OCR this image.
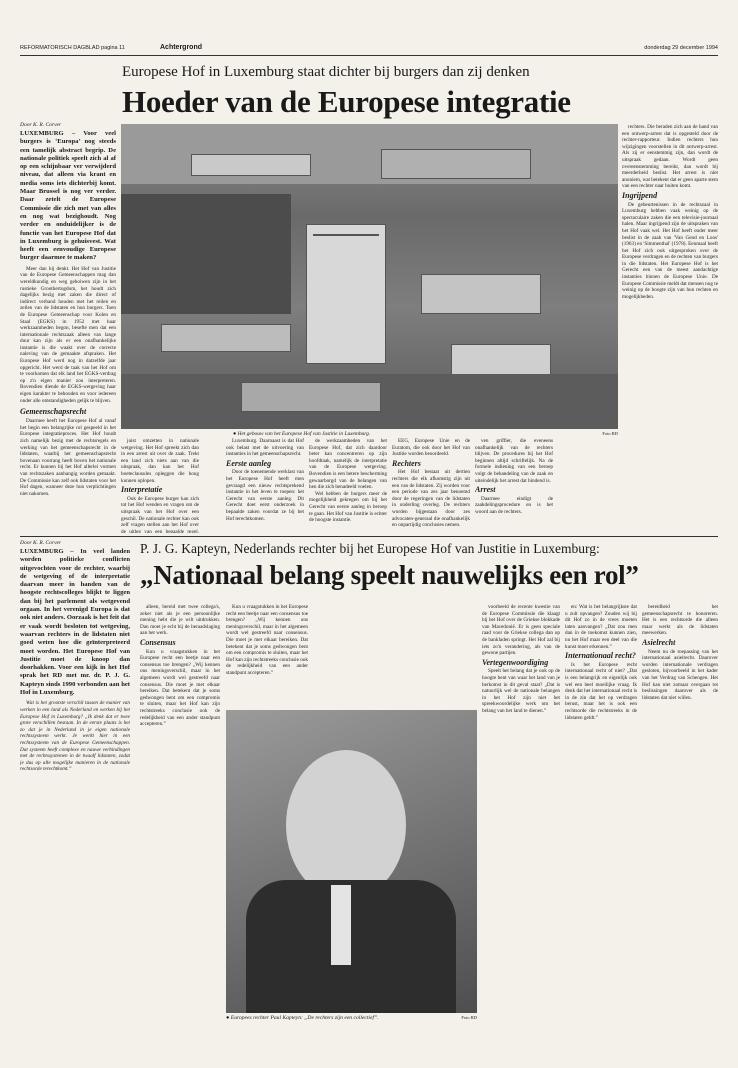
REFORMATORISCH DAGBLAD pagina 11	Achtergrond	donderdag 29 december 1994
Europese Hof in Luxemburg staat dichter bij burgers dan zij denken
Hoeder van de Europese integratie
Door K. R. Corver
LUXEMBURG – Voor veel burgers is ‘Europa’ nog steeds een tamelijk abstract begrip. De nationale politiek speelt zich al af op een schijnbaar ver verwijderd niveau, dat alleen via krant en media soms iets dichterbij komt. Maar Brussel is nog ver verder. Daar zetelt de Europese Commissie die zich met van alles en nog wat bezighoudt. Nog verder en onduidelijker is de functie van het Europese Hof dat in Luxemburg is gehuisvest. Wat heeft een eenvoudige Europese burger daarmee te maken?

Meer dan hij denkt. Het Hof van Justitie van de Europese Gemeenschappen mag dan wereldkundig en weg gehoiwen zijn in het rustieke Groothertogdom, het houdt zich dagelijks bezig met zaken die direct of indirect verband houden met het reilen en zeilen van de lidstaten en hun burgers. Toen de Europese Gemeenschap voor Kolen en Staal (EGKS) in 1952 met haar werkzaamheden begon, besefte men dat een internationale rechtszaak alleen van lange duur kan zijn als er een onafhankelijke instantie is die waakt over de correcte naleving van de gemaakte afspraken. Het Europese Hof werd nog in datzelfde jaar opgericht. Het werd de taak van het Hof om te voorkomen dat elk land het EGKS-verdrag op z'n eigen manier zou interpreteren. Bovendien diende de EGKS-wetgeving haar eigen karakter te behouden en voor iedereen onder alle omstandigheden gelijk te blijven.

Gemeenschapsrecht

Daarmee heeft het Europese Hof al vanaf het begin een belangrijke rol gespeeld in het Europese integratieproces. Het Hof houdt zich namelijk bezig met de rechtsregels en werking van het gemeenschapsrecht in de lidstaten, waarbij het gemeenschapsrecht bovenaan voorrang heeft boven het nationale recht. Er kunnen bij het Hof allerlei vormen van rechtszaken aanhangig worden gemaakt. De Commissie kan zelf ook lidstaten voor het Hof dagen, wanneer deze hun verplichtingen niet nakomen.

● Het gebouw van het Europese Hof van Justitie in Luxemburg.	Foto RD

juist omzetten in nationale wetgeving. Het Hof spreekt zich dan in een arrest uit over de zaak. Trekt een land zich niets aan van die uitspraak, dan kan het Hof boeteclausules opleggen die hoog kunnen oplopen.

Interpretatie

Ook de Europese burger kan zich tot het Hof wenden en vragen om de uitspraak van het Hof over een geschil. De nationale rechter kan ook zelf vragen stellen aan het Hof over de uitleg van een bepaalde regel.

Luxemburg. Daarnaast is dat Hof ook belast met de uitvoering van instanties in het gemeenschapsrecht.

Eerste aanleg

Door de toenemende werklast van het Europese Hof heeft men gevraagd een nieuw rechtsprekend instantie in het leven te roepen: het Gerecht van eerste aanleg. Dit Gerecht doet eerst onderzoek in bepaalde zaken voordat ze bij het Hof terechtkomen.

de werkzaamheden van het Europese Hof, dat zich daardoor beter kan concentreren op zijn hoofdtaak, namelijk de interpretatie van de Europese wetgeving. Bovendien is een betere bescherming gewaarborgd van de belangen van hen die zich benadeeld voelen.

Wel hebben de burgers meer de mogelijkheid gekregen om bij het Gerecht van eerste aanleg in beroep te gaan. Het Hof van Justitie is echter de hoogste instantie.

EEG, Europese Unie en de Euratom, die ook door het Hof van Justitie worden beoordeeld.

Rechters

Het Hof bestaat uit dertien rechters die elk afkomstig zijn uit een van de lidstaten. Zij worden voor een periode van zes jaar benoemd door de regeringen van de lidstaten in onderling overleg. De rechters worden bijgestaan door zes advocaten-generaal die onafhankelijk en onpartijdig conclusies nemen.

ven griffier, die eveneens onafhankelijk van de rechters blijven. De procedures bij het Hof beginnen altijd schriftelijk. Na de formele indiening van een beroep volgt de behandeling van de zaak en uiteindelijk het arrest dat bindend is.

Arrest

Daarmee eindigt de zaakdelingsprocedure en is het woord aan de rechters.

rechters. Die beraden zich aan de hand van een ontwerp-arrest dat is opgesteld door de rechter-rapporteur. Indien rechters hun wijzigingen voorstellen in dit ontwerp-arrest. Als zij er eenstemmig zijn, dan wordt de uitspraak gedaan. Wordt geen overeenstemming bereikt, dan wordt bij meerderheid beslist. Het arrest is niet anoniem, wat betekent dat er geen aparte stem van een rechter naar buiten komt.

Ingrijpend

De gebeurtenissen in de rechtszaal in Luxemburg hebben vaak weinig op de spectaculaire zaken die een televisie-journaal halen. Maar ingrijpend zijn de uitspraken van het Hof vaak wel. Het Hof heeft onder meer beslist in de zaak van 'Van Gend en Loos' (1963) en 'Simmenthal' (1978). Eenmaal heeft het Hof zich ook uitgesproken over de Europese verdragen en de rechten van burgers in die lidstaten. Het Europese Hof is het Gerecht een van de meest aandachtige instanties binnen de Europese Unie. De Europese Commissie meldt dat mensen nog te weinig op de hoogte zijn van hun rechten en mogelijkheden.

P. J. G. Kapteyn, Nederlands rechter bij het Europese Hof van Justitie in Luxemburg:
„Nationaal belang speelt nauwelijks een rol”
Door K. R. Corver
LUXEMBURG – In veel landen worden politieke conflicten uitgevochten voor de rechter, waarbij de wetgeving of de interpretatie daarvan meer in handen van de hoogste rechtscolleges blijkt te liggen dan bij het parlement als wetgevend orgaan. In het verenigd Europa is dat ook niet anders. Oorzaak is het feit dat er vaak wordt besloten tot wetgeving, waarvan rechters in de lidstaten niet goed weten hoe die geïnterpreteerd moet worden. Het Europese Hof van Justitie moet de knoop dan doorhakken. Voor een kijk in het Hof sprak het RD met mr. dr. P. J. G. Kapteyn sinds 1990 verbonden aan het Hof in Luxemburg.

Wat is het grootste verschil tussen de manier van werken in een land als Nederland en werken bij het Europese Hof in Luxemburg? „Ik denk dat er twee grote verschillen bestaan. In de eerste plaats is het zo dat je in Nederland in je eigen nationale rechtssysteem werkt. Je werkt hier in een rechtssysteem van de Europese Gemeenschappen. Dat systeem heeft complexe en nauwe verbindingen met de rechtssystemen in de twaalf lidstaten, zodat je dus op alle mogelijke manieren in de nationale rechtsorde terechtkomt.”

alleen, bereid met twee collega's, zeker niet als je een persoonlijke mening hebt die je wilt uitdrukken. Dan moet je echt bij de beraadslaging aan het werk.

Consensus

Kun u vraagstukken in het Europese recht een beetje naar een consensus toe brengen? „Wij kennen ons meningsverschil, maar in het algemeen wordt wel gestreefd naar consensus. Die moet je met elkaar bereiken. Dat betekent dat je soms gedwongen bent om een compromis te sluiten, maar het Hof kan zijn rechtstreeks conclusie ook de redelijkheid van een ander standpunt accepteren.”

Kun u vraagstukken in het Europese recht een beetje naar een consensus toe brengen? „Wij kennen ons meningsverschil, maar in het algemeen wordt wel gestreefd naar consensus. Die moet je met elkaar bereiken. Dat betekent dat je soms gedwongen bent om een compromis te sluiten, maar het Hof kan zijn rechtstreeks conclusie ook de redelijkheid van een ander standpunt accepteren.”

Foto RD
● Europees rechter Paul Kapteyn: „De rechters zijn een collectief”.

voorbeeld de recente kwestie van de Europese Commissie die klaagt bij het Hof over de Griekse blokkade van Macedonië. Er is geen speciale raad voor de Griekse collega dan op de bankladen springt. Het Hof zal bij iets zo'n verandering, als van de gewone partijen.

Vertegenwoordiging

Speelt het belang dat je ook op de hoogte bent van waar het land van je herkomst in dit geval staat? „Dat is natuurlijk wel de nationale belangen in het Hof zijn niet het spreekwoordelijke werk om het belang van het land te dienen.”

en: Wat is het belangrijkste dat u zult opvangen? Zouden wij bij dit Hof zo in de vrees moeten laten aanvangen? „Dat zou men dan in de toekomst kunnen zien, nu het Hof maar een deel van die kunst moet erkennen.”

Internationaal recht?

Is het Europese recht internationaal recht of niet? „Dat is een belangrijk en eigenlijk ook wel een heel moeilijke vraag. Ik denk dat het internationaal recht is in de zin dat het op verdragen berust, maar het is ook een rechtsorde die rechtstreeks in de lidstaten geldt.”

bereidheid het gemeenschapsrecht te honoreren. Het is een rechtsorde die alleen maar werkt als de lidstaten meewerken.

Asielrecht

Neem nu de toepassing van het internationaal asielrecht. Daarover worden internationale verdragen gesloten, bijvoorbeeld in het kader van het Verdrag van Schengen. Het Hof kan niet zomaar overgaan tot beslissingen daarover als de lidstaten dat niet willen.
